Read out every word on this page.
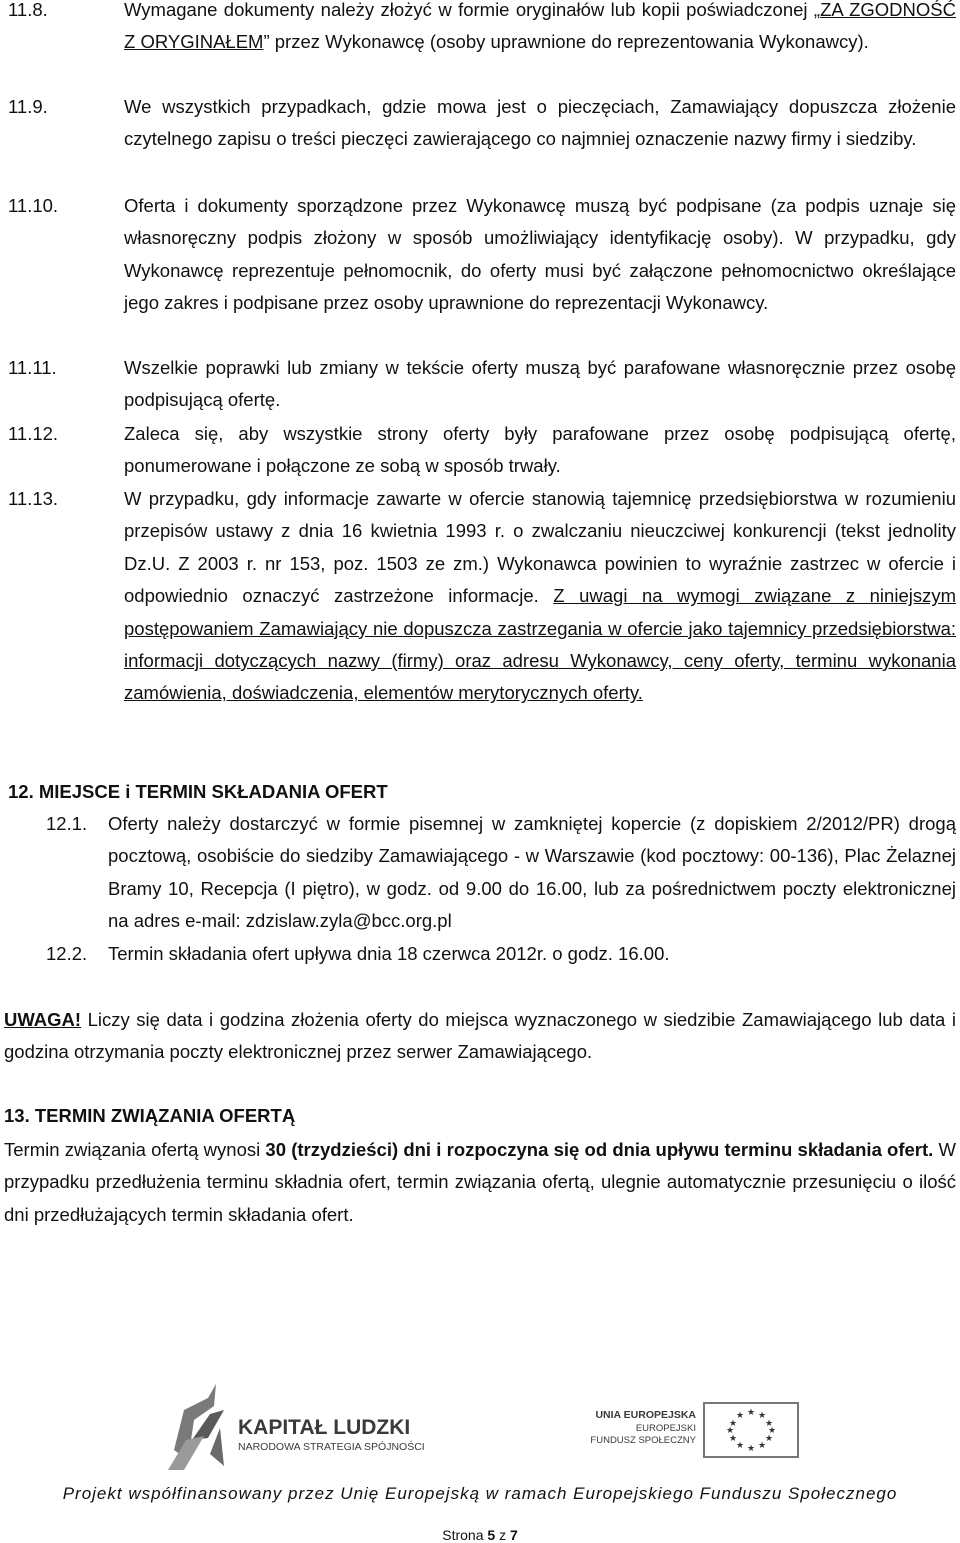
11.8.	Wymagane dokumenty należy złożyć w formie oryginałów lub kopii poświadczonej „ZA ZGODNOŚĆ Z ORYGINAŁEM” przez Wykonawcę (osoby uprawnione do reprezentowania Wykonawcy).
11.9.	We wszystkich przypadkach, gdzie mowa jest o pieczęciach, Zamawiający dopuszcza złożenie czytelnego zapisu o treści pieczęci zawierającego co najmniej oznaczenie nazwy firmy i siedziby.
11.10.	Oferta i dokumenty sporządzone przez Wykonawcę muszą być podpisane (za podpis uznaje się własnoręczny podpis złożony w sposób umożliwiający identyfikację osoby). W przypadku, gdy Wykonawcę reprezentuje pełnomocnik, do oferty musi być załączone pełnomocnictwo określające jego zakres i podpisane przez osoby uprawnione do reprezentacji Wykonawcy.
11.11.	Wszelkie poprawki lub zmiany w tekście oferty muszą być parafowane własnoręcznie przez osobę podpisującą ofertę.
11.12.	Zaleca się, aby wszystkie strony oferty były parafowane przez osobę podpisującą ofertę, ponumerowane i połączone ze sobą w sposób trwały.
11.13.	W przypadku, gdy informacje zawarte w ofercie stanowią tajemnicę przedsiębiorstwa w rozumieniu przepisów ustawy z dnia 16 kwietnia 1993 r. o zwalczaniu nieuczciwej konkurencji (tekst jednolity Dz.U. Z 2003 r. nr 153, poz. 1503 ze zm.) Wykonawca powinien to wyraźnie zastrzec w ofercie i odpowiednio oznaczyć zastrzeżone informacje. Z uwagi na wymogi związane z niniejszym postępowaniem Zamawiający nie dopuszcza zastrzegania w ofercie jako tajemnicy przedsiębiorstwa: informacji dotyczących nazwy (firmy) oraz adresu Wykonawcy, ceny oferty, terminu wykonania zamówienia, doświadczenia, elementów merytorycznych oferty.
12. MIEJSCE i TERMIN SKŁADANIA OFERT
12.1. Oferty należy dostarczyć w formie pisemnej w zamkniętej kopercie (z dopiskiem 2/2012/PR) drogą pocztową, osobiście do siedziby Zamawiającego - w Warszawie (kod pocztowy: 00-136), Plac Żelaznej Bramy 10, Recepcja (I piętro), w godz. od 9.00 do 16.00, lub za pośrednictwem poczty elektronicznej na adres e-mail: zdzislaw.zyla@bcc.org.pl
12.2. Termin składania ofert upływa dnia 18 czerwca 2012r. o godz. 16.00.
UWAGA! Liczy się data i godzina złożenia oferty do miejsca wyznaczonego w siedzibie Zamawiającego lub data i godzina otrzymania poczty elektronicznej przez serwer Zamawiającego.
13. TERMIN ZWIĄZANIA OFERTĄ
Termin związania ofertą wynosi 30 (trzydzieści) dni i rozpoczyna się od dnia upływu terminu składania ofert. W przypadku przedłużenia terminu składnia ofert, termin związania ofertą, ulegnie automatycznie przesunięciu o ilość dni przedłużających termin składania ofert.
KAPITAŁ LUDZKI
NARODOWA STRATEGIA SPÓJNOŚCI
UNIA EUROPEJSKA
EUROPEJSKI
FUNDUSZ SPOŁECZNY
★ ★
★
★
★
★
★
★
★
★
★
★
Projekt współfinansowany przez Unię Europejską w ramach Europejskiego Funduszu Społecznego
Strona 5 z 7
